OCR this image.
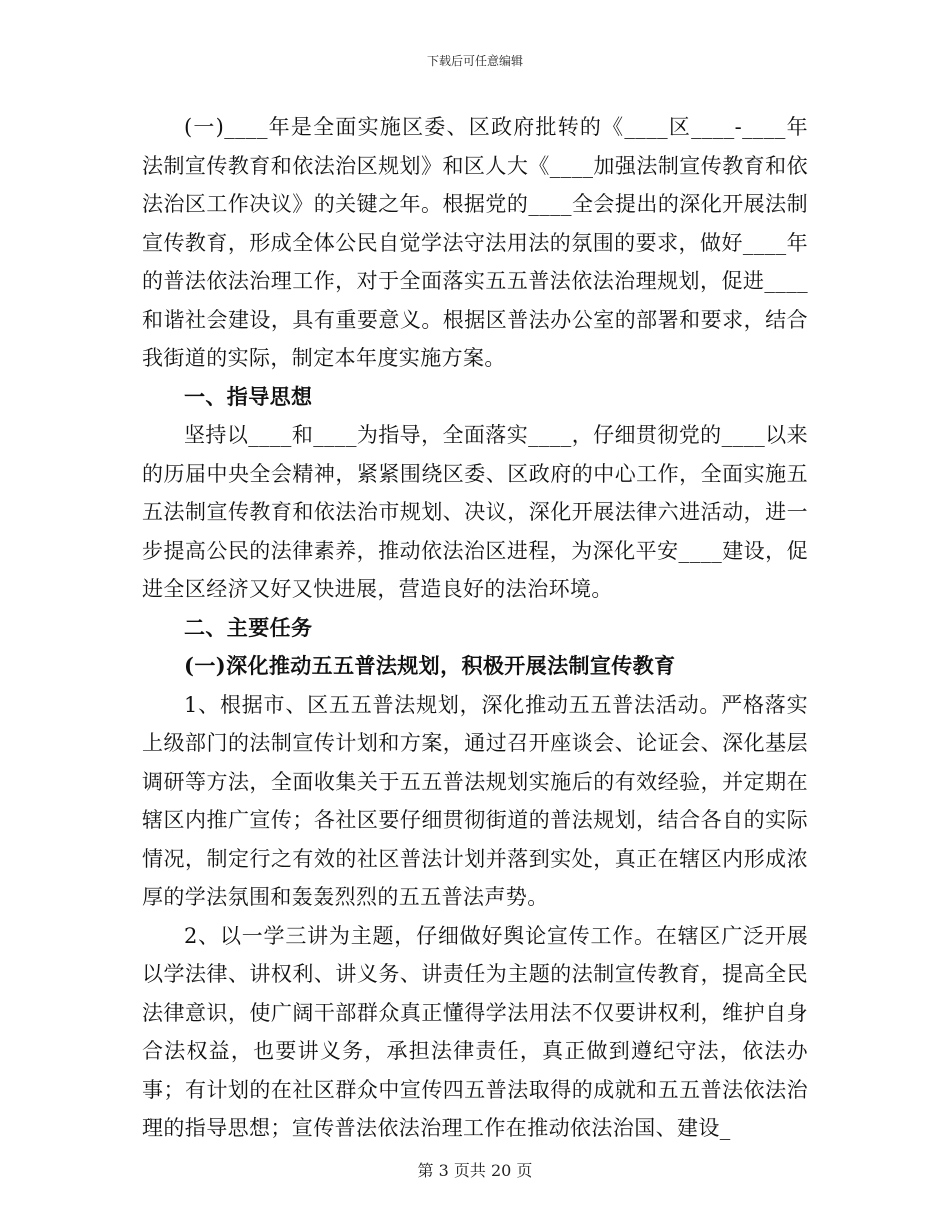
下载后可任意编辑

(一)____年是全面实施区委、区政府批转的《____区____-____年法制宣传教育和依法治区规划》和区人大《____加强法制宣传教育和依法治区工作决议》的关键之年。根据党的____全会提出的深化开展法制宣传教育，形成全体公民自觉学法守法用法的氛围的要求，做好____年的普法依法治理工作，对于全面落实五五普法依法治理规划，促进____和谐社会建设，具有重要意义。根据区普法办公室的部署和要求，结合我街道的实际，制定本年度实施方案。

一、指导思想

坚持以____和____为指导，全面落实____，仔细贯彻党的____以来的历届中央全会精神，紧紧围绕区委、区政府的中心工作，全面实施五五法制宣传教育和依法治市规划、决议，深化开展法律六进活动，进一步提高公民的法律素养，推动依法治区进程，为深化平安____建设，促进全区经济又好又快进展，营造良好的法治环境。

二、主要任务

(一)深化推动五五普法规划，积极开展法制宣传教育

1、根据市、区五五普法规划，深化推动五五普法活动。严格落实上级部门的法制宣传计划和方案，通过召开座谈会、论证会、深化基层调研等方法，全面收集关于五五普法规划实施后的有效经验，并定期在辖区内推广宣传；各社区要仔细贯彻街道的普法规划，结合各自的实际情况，制定行之有效的社区普法计划并落到实处，真正在辖区内形成浓厚的学法氛围和轰轰烈烈的五五普法声势。

2、以一学三讲为主题，仔细做好舆论宣传工作。在辖区广泛开展以学法律、讲权利、讲义务、讲责任为主题的法制宣传教育，提高全民法律意识，使广阔干部群众真正懂得学法用法不仅要讲权利，维护自身合法权益，也要讲义务，承担法律责任，真正做到遵纪守法，依法办事；有计划的在社区群众中宣传四五普法取得的成就和五五普法依法治理的指导思想；宣传普法依法治理工作在推动依法治国、建设_

第 3 页共 20 页
